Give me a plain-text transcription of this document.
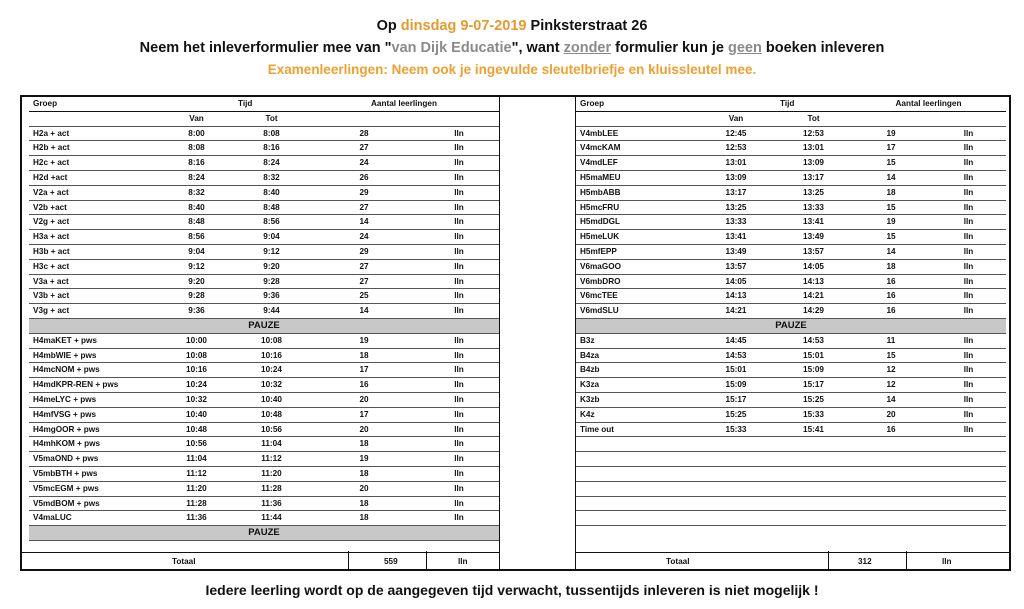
Op dinsdag 9-07-2019 Pinksterstraat 26
Neem het inleverformulier mee van "van Dijk Educatie", want zonder formulier kun je geen boeken inleveren
Examenleerlingen: Neem ook je ingevulde sleutelbriefje en kluissleutel mee.
Groep		Tijd	Aantal leerlingen	
	Van	Tot		
H2a + act	8:00	8:08	28	lln
H2b + act	8:08	8:16	27	lln
H2c + act	8:16	8:24	24	lln
H2d +act	8:24	8:32	26	lln
V2a + act	8:32	8:40	29	lln
V2b +act	8:40	8:48	27	lln
V2g + act	8:48	8:56	14	lln
H3a + act	8:56	9:04	24	lln
H3b + act	9:04	9:12	29	lln
H3c + act	9:12	9:20	27	lln
V3a + act	9:20	9:28	27	lln
V3b + act	9:28	9:36	25	lln
V3g + act	9:36	9:44	14	lln
PAUZE				
H4maKET + pws	10:00	10:08	19	lln
H4mbWIE + pws	10:08	10:16	18	lln
H4mcNOM + pws	10:16	10:24	17	lln
H4mdKPR-REN + pws	10:24	10:32	16	lln
H4meLYC + pws	10:32	10:40	20	lln
H4mfVSG + pws	10:40	10:48	17	lln
H4mgOOR + pws	10:48	10:56	20	lln
H4mhKOM + pws	10:56	11:04	18	lln
V5maOND + pws	11:04	11:12	19	lln
V5mbBTH + pws	11:12	11:20	18	lln
V5mcEGM + pws	11:20	11:28	20	lln
V5mdBOM + pws	11:28	11:36	18	lln
V4maLUC	11:36	11:44	18	lln
PAUZE				
Groep		Tijd	Aantal leerlingen	
	Van	Tot		
V4mbLEE	12:45	12:53	19	lln
V4mcKAM	12:53	13:01	17	lln
V4mdLEF	13:01	13:09	15	lln
H5maMEU	13:09	13:17	14	lln
H5mbABB	13:17	13:25	18	lln
H5mcFRU	13:25	13:33	15	lln
H5mdDGL	13:33	13:41	19	lln
H5meLUK	13:41	13:49	15	lln
H5mfEPP	13:49	13:57	14	lln
V6maGOO	13:57	14:05	18	lln
V6mbDRO	14:05	14:13	16	lln
V6mcTEE	14:13	14:21	16	lln
V6mdSLU	14:21	14:29	16	lln
PAUZE				
B3z	14:45	14:53	11	lln
B4za	14:53	15:01	15	lln
B4zb	15:01	15:09	12	lln
K3za	15:09	15:17	12	lln
K3zb	15:17	15:25	14	lln
K4z	15:25	15:33	20	lln
Time out	15:33	15:41	16	lln

Totaal	559	lln	Totaal	312	lln
Iedere leerling wordt op de aangegeven tijd verwacht, tussentijds inleveren is niet mogelijk !
